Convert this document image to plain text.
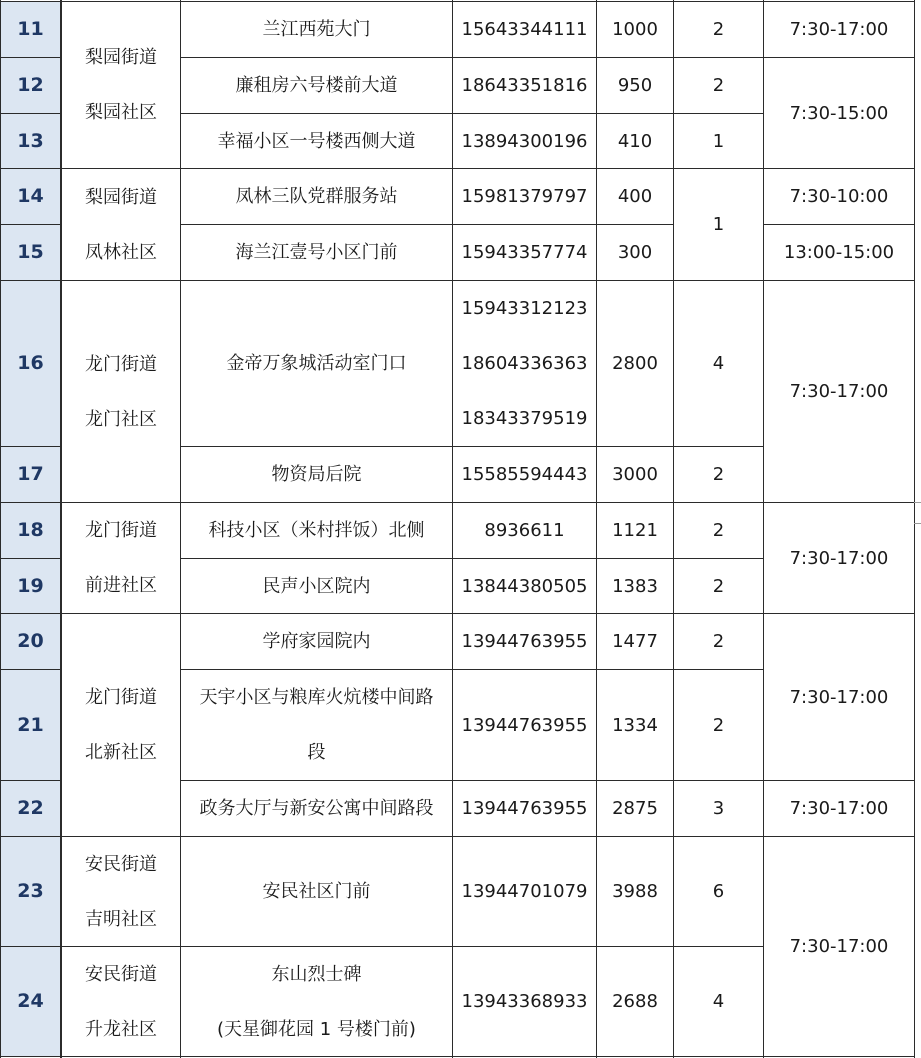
11
12
13
14
15
16
17
18
19
20
21
22
23
24
梨园街道
梨园社区
梨园街道
凤林社区
龙门街道
龙门社区
龙门街道
前进社区
龙门街道
北新社区
安民街道
吉明社区
安民街道
升龙社区
兰江西苑大门
廉租房六号楼前大道
幸福小区一号楼西侧大道
凤林三队党群服务站
海兰江壹号小区门前
金帝万象城活动室门口
物资局后院
科技小区（米村拌饭）北侧
民声小区院内
学府家园院内
天宇小区与粮库火炕楼中间路
段
政务大厅与新安公寓中间路段
安民社区门前
东山烈士碑
(天星御花园 1 号楼门前)
15643344111
18643351816
13894300196
15981379797
15943357774
15943312123
18604336363
18343379519
15585594443
8936611
13844380505
13944763955
13944763955
13944763955
13944701079
13943368933
1000
950
410
400
300
2800
3000
1121
1383
1477
1334
2875
3988
2688
2
2
1
1
4
2
2
2
2
2
3
6
4
7:30-17:00
7:30-15:00
7:30-10:00
13:00-15:00
7:30-17:00
7:30-17:00
7:30-17:00
7:30-17:00
7:30-17:00
